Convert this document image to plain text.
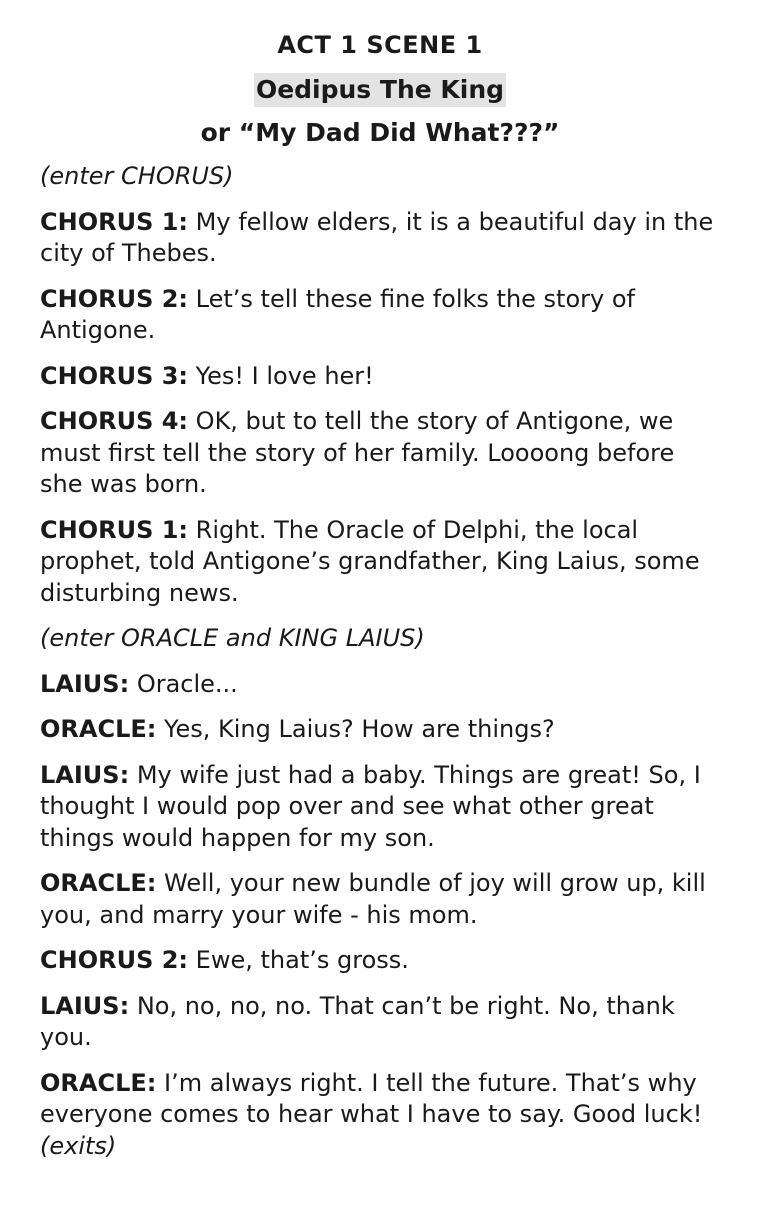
ACT 1 SCENE 1

Oedipus The King

or “My Dad Did What???”

(enter CHORUS)

CHORUS 1: My fellow elders, it is a beautiful day in the city of Thebes.

CHORUS 2: Let’s tell these fine folks the story of Antigone.

CHORUS 3: Yes! I love her!

CHORUS 4: OK, but to tell the story of Antigone, we must first tell the story of her family. Loooong before she was born.

CHORUS 1: Right. The Oracle of Delphi, the local prophet, told Antigone’s grandfather, King Laius, some disturbing news.

(enter ORACLE and KING LAIUS)

LAIUS: Oracle...

ORACLE: Yes, King Laius? How are things?

LAIUS: My wife just had a baby. Things are great! So, I thought I would pop over and see what other great things would happen for my son.

ORACLE: Well, your new bundle of joy will grow up, kill you, and marry your wife - his mom.

CHORUS 2: Ewe, that’s gross.

LAIUS: No, no, no, no. That can’t be right. No, thank you.

ORACLE: I’m always right. I tell the future. That’s why everyone comes to hear what I have to say. Good luck! (exits)
